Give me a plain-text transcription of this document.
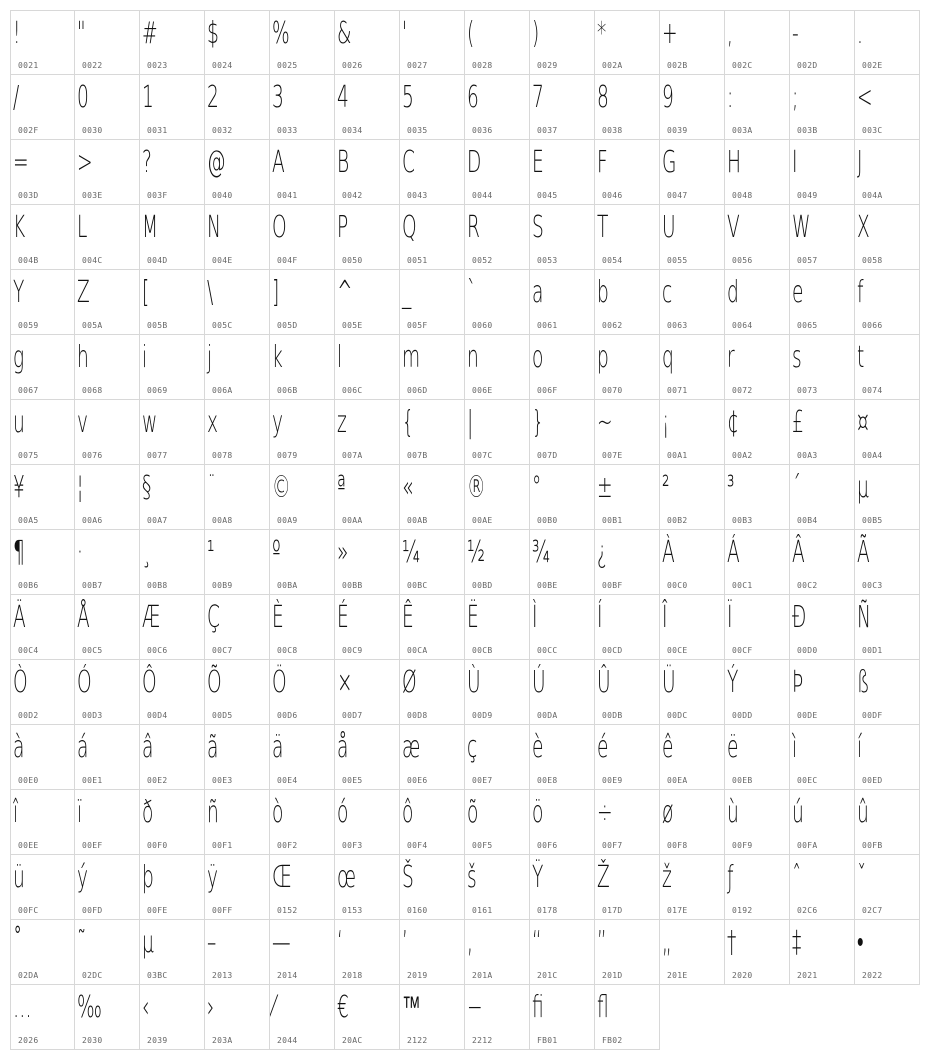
!
0021
"
0022
#
0023
$
0024
%
0025
&
0026
'
0027
(
0028
)
0029
*
002A
+
002B
,
002C
-
002D
.
002E
/
002F
0
0030
1
0031
2
0032
3
0033
4
0034
5
0035
6
0036
7
0037
8
0038
9
0039
:
003A
;
003B
<
003C
=
003D
>
003E
?
003F
@
0040
A
0041
B
0042
C
0043
D
0044
E
0045
F
0046
G
0047
H
0048
I
0049
J
004A
K
004B
L
004C
M
004D
N
004E
O
004F
P
0050
Q
0051
R
0052
S
0053
T
0054
U
0055
V
0056
W
0057
X
0058
Y
0059
Z
005A
[
005B
\
005C
]
005D
^
005E
_
005F
`
0060
a
0061
b
0062
c
0063
d
0064
e
0065
f
0066
g
0067
h
0068
i
0069
j
006A
k
006B
l
006C
m
006D
n
006E
o
006F
p
0070
q
0071
r
0072
s
0073
t
0074
u
0075
v
0076
w
0077
x
0078
y
0079
z
007A
{
007B
|
007C
}
007D
~
007E
¡
00A1
¢
00A2
£
00A3
¤
00A4
¥
00A5
¦
00A6
§
00A7
¨
00A8
©
00A9
ª
00AA
«
00AB
®
00AE
°
00B0
±
00B1
²
00B2
³
00B3
´
00B4
µ
00B5
¶
00B6
·
00B7
¸
00B8
¹
00B9
º
00BA
»
00BB
¼
00BC
½
00BD
¾
00BE
¿
00BF
À
00C0
Á
00C1
Â
00C2
Ã
00C3
Ä
00C4
Å
00C5
Æ
00C6
Ç
00C7
È
00C8
É
00C9
Ê
00CA
Ë
00CB
Ì
00CC
Í
00CD
Î
00CE
Ï
00CF
Ð
00D0
Ñ
00D1
Ò
00D2
Ó
00D3
Ô
00D4
Õ
00D5
Ö
00D6
×
00D7
Ø
00D8
Ù
00D9
Ú
00DA
Û
00DB
Ü
00DC
Ý
00DD
Þ
00DE
ß
00DF
à
00E0
á
00E1
â
00E2
ã
00E3
ä
00E4
å
00E5
æ
00E6
ç
00E7
è
00E8
é
00E9
ê
00EA
ë
00EB
ì
00EC
í
00ED
î
00EE
ï
00EF
ð
00F0
ñ
00F1
ò
00F2
ó
00F3
ô
00F4
õ
00F5
ö
00F6
÷
00F7
ø
00F8
ù
00F9
ú
00FA
û
00FB
ü
00FC
ý
00FD
þ
00FE
ÿ
00FF
Œ
0152
œ
0153
Š
0160
š
0161
Ÿ
0178
Ž
017D
ž
017E
ƒ
0192
ˆ
02C6
ˇ
02C7
˚
02DA
˜
02DC
μ
03BC
–
2013
—
2014
‘
2018
’
2019
‚
201A
“
201C
”
201D
„
201E
†
2020
‡
2021
•
2022
…
2026
‰
2030
‹
2039
›
203A
⁄
2044
€
20AC
™
2122
−
2212
ﬁ
FB01
ﬂ
FB02
